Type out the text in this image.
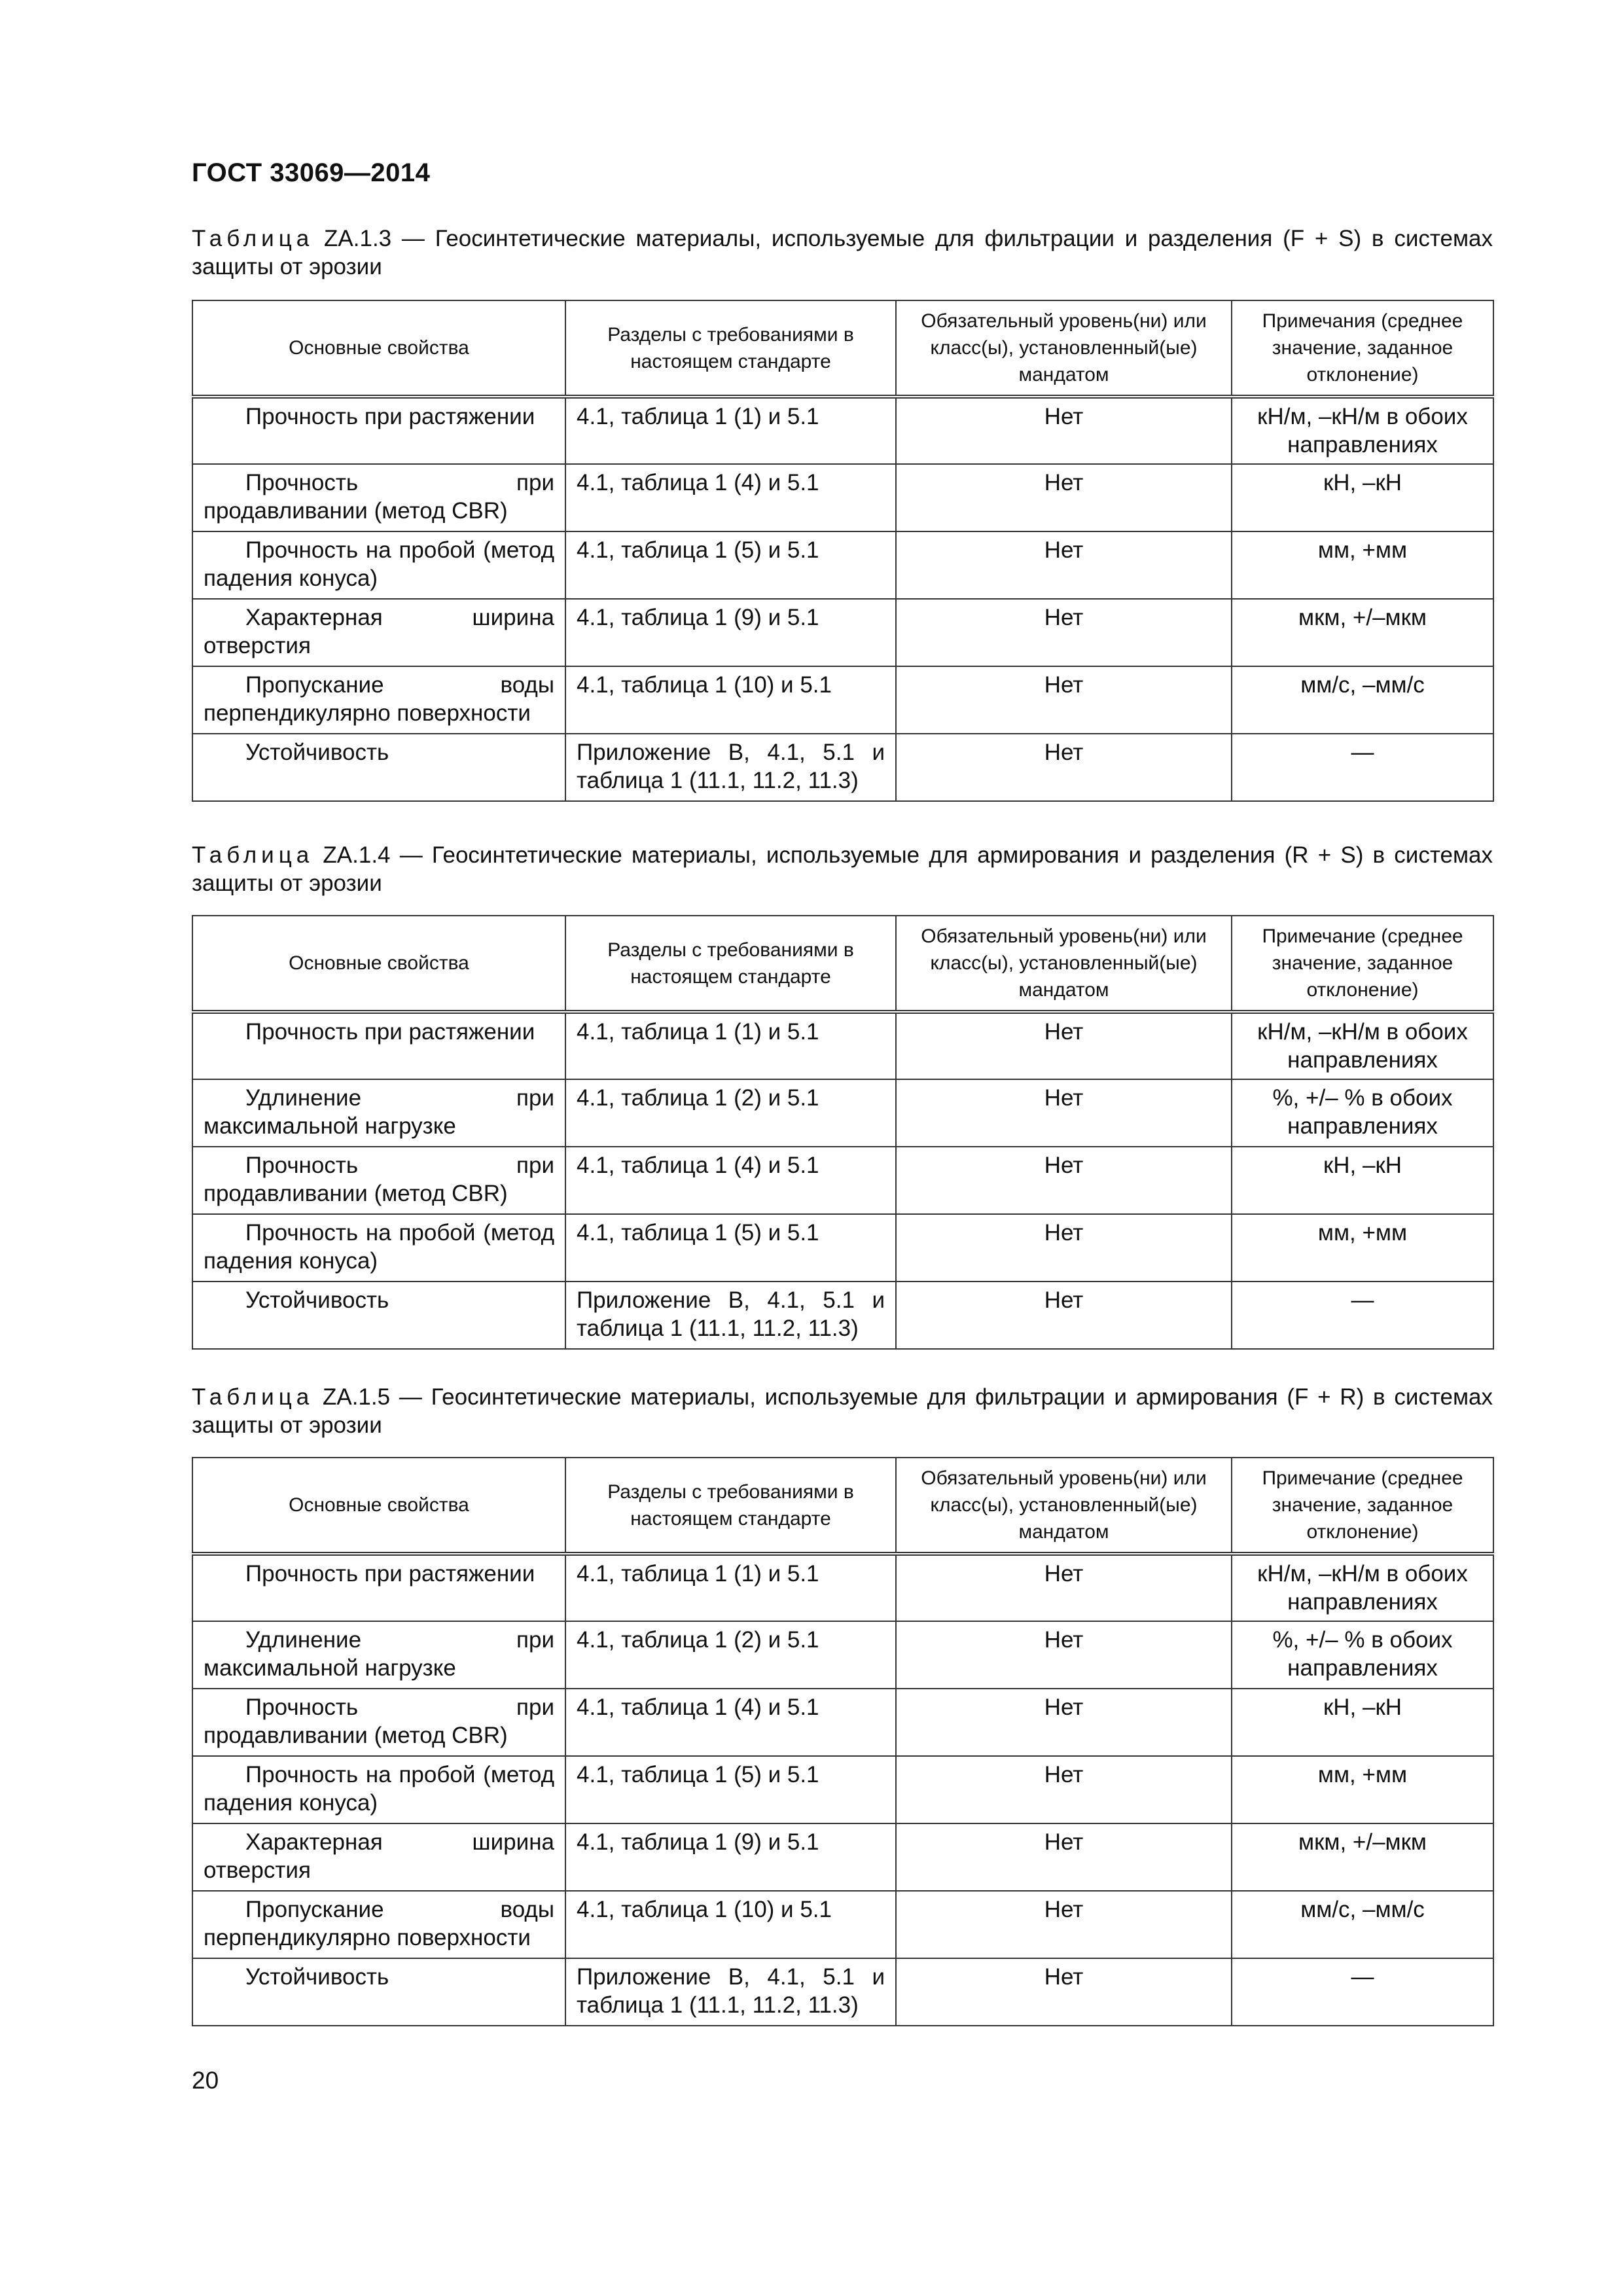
ГОСТ 33069—2014
Таблица ZA.1.3 — Геосинтетические материалы, используемые для фильтрации и разделения (F + S) в системах защиты от эрозии
Основные свойства	Разделы с требованиями в настоящем стандарте	Обязательный уровень(ни) или класс(ы), установленный(ые) мандатом	Примечания (среднее значение, заданное отклонение)
Прочность при растяжении	4.1, таблица 1 (1) и 5.1	Нет	кН/м, –кН/м в обоих направлениях
Прочность при продавливании (метод CBR)	4.1, таблица 1 (4) и 5.1	Нет	кН, –кН
Прочность на пробой (метод падения конуса)	4.1, таблица 1 (5) и 5.1	Нет	мм, +мм
Характерная ширина отверстия	4.1, таблица 1 (9) и 5.1	Нет	мкм, +/–мкм
Пропускание воды перпендикулярно поверхности	4.1, таблица 1 (10) и 5.1	Нет	мм/с, –мм/с
Устойчивость	Приложение B, 4.1, 5.1 и таблица 1 (11.1, 11.2, 11.3)	Нет	—
Таблица ZA.1.4 — Геосинтетические материалы, используемые для армирования и разделения (R + S) в системах защиты от эрозии
Основные свойства	Разделы с требованиями в настоящем стандарте	Обязательный уровень(ни) или класс(ы), установленный(ые) мандатом	Примечание (среднее значение, заданное отклонение)
Прочность при растяжении	4.1, таблица 1 (1) и 5.1	Нет	кН/м, –кН/м в обоих направлениях
Удлинение при максимальной нагрузке	4.1, таблица 1 (2) и 5.1	Нет	%, +/– % в обоих направлениях
Прочность при продавливании (метод CBR)	4.1, таблица 1 (4) и 5.1	Нет	кН, –кН
Прочность на пробой (метод падения конуса)	4.1, таблица 1 (5) и 5.1	Нет	мм, +мм
Устойчивость	Приложение B, 4.1, 5.1 и таблица 1 (11.1, 11.2, 11.3)	Нет	—
Таблица ZA.1.5 — Геосинтетические материалы, используемые для фильтрации и армирования (F + R) в системах защиты от эрозии
Основные свойства	Разделы с требованиями в настоящем стандарте	Обязательный уровень(ни) или класс(ы), установленный(ые) мандатом	Примечание (среднее значение, заданное отклонение)
Прочность при растяжении	4.1, таблица 1 (1) и 5.1	Нет	кН/м, –кН/м в обоих направлениях
Удлинение при максимальной нагрузке	4.1, таблица 1 (2) и 5.1	Нет	%, +/– % в обоих направлениях
Прочность при продавливании (метод CBR)	4.1, таблица 1 (4) и 5.1	Нет	кН, –кН
Прочность на пробой (метод падения конуса)	4.1, таблица 1 (5) и 5.1	Нет	мм, +мм
Характерная ширина отверстия	4.1, таблица 1 (9) и 5.1	Нет	мкм, +/–мкм
Пропускание воды перпендикулярно поверхности	4.1, таблица 1 (10) и 5.1	Нет	мм/с, –мм/с
Устойчивость	Приложение B, 4.1, 5.1 и таблица 1 (11.1, 11.2, 11.3)	Нет	—
20
